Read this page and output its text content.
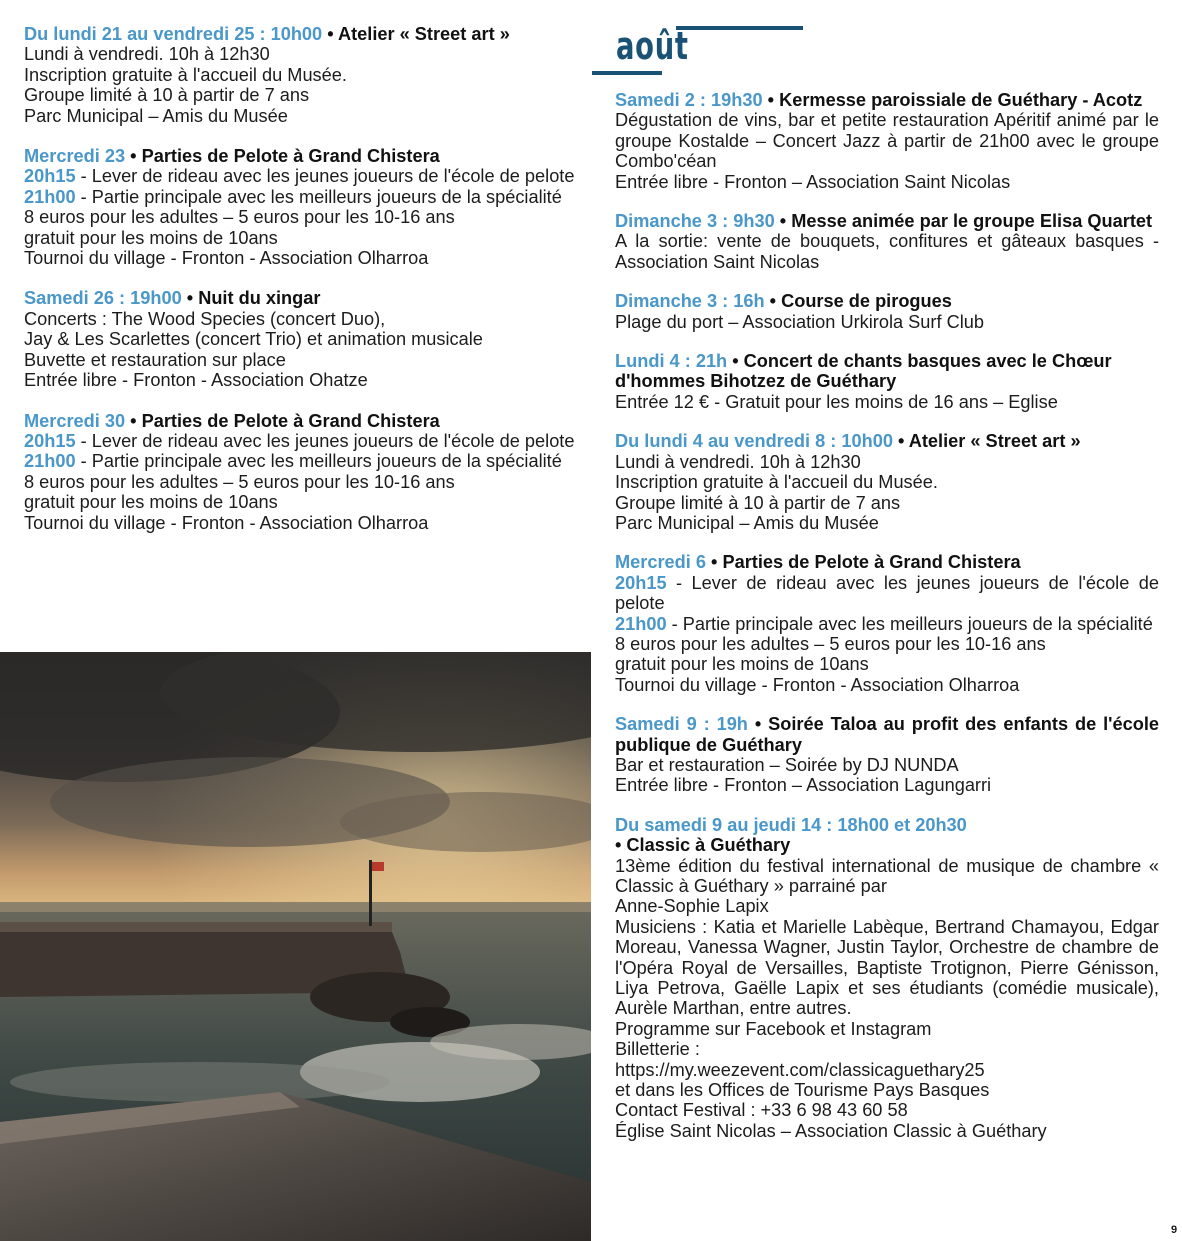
Du lundi 21 au vendredi 25 : 10h00 • Atelier « Street art »
Lundi à vendredi. 10h à 12h30
Inscription gratuite à l'accueil du Musée.
Groupe limité à 10 à partir de 7 ans
Parc Municipal – Amis du Musée
Mercredi 23 • Parties de Pelote à Grand Chistera
20h15 - Lever de rideau avec les jeunes joueurs de l'école de pelote
21h00 - Partie principale avec les meilleurs joueurs de la spécialité
8 euros pour les adultes – 5 euros pour les 10-16 ans
gratuit pour les moins de 10ans
Tournoi du village - Fronton - Association Olharroa
Samedi 26 : 19h00 • Nuit du xingar
Concerts : The Wood Species (concert Duo),
Jay & Les Scarlettes (concert Trio) et animation musicale
Buvette et restauration sur place
Entrée libre - Fronton - Association Ohatze
Mercredi 30 • Parties de Pelote à Grand Chistera
20h15 - Lever de rideau avec les jeunes joueurs de l'école de pelote
21h00 - Partie principale avec les meilleurs joueurs de la spécialité
8 euros pour les adultes – 5 euros pour les 10-16 ans
gratuit pour les moins de 10ans
Tournoi du village - Fronton - Association Olharroa
août
Samedi 2 : 19h30 • Kermesse paroissiale de Guéthary - Acotz
Dégustation de vins, bar et petite restauration Apéritif animé par le groupe Kostalde – Concert Jazz à partir de 21h00 avec le groupe Combo'céan
Entrée libre - Fronton – Association Saint Nicolas
Dimanche 3 : 9h30 • Messe animée par le groupe Elisa Quartet
A la sortie: vente de bouquets, confitures et gâteaux basques - Association Saint Nicolas
Dimanche 3 : 16h • Course de pirogues
Plage du port – Association Urkirola Surf Club
Lundi 4 : 21h • Concert de chants basques avec le Chœur d'hommes Bihotzez de Guéthary
Entrée 12 € - Gratuit pour les moins de 16 ans – Eglise
Du lundi 4 au vendredi 8 : 10h00 • Atelier « Street art »
Lundi à vendredi. 10h à 12h30
Inscription gratuite à l'accueil du Musée.
Groupe limité à 10 à partir de 7 ans
Parc Municipal – Amis du Musée
Mercredi 6 • Parties de Pelote à Grand Chistera
20h15 - Lever de rideau avec les jeunes joueurs de l'école de pelote
21h00 - Partie principale avec les meilleurs joueurs de la spécialité
8 euros pour les adultes – 5 euros pour les 10-16 ans
gratuit pour les moins de 10ans
Tournoi du village - Fronton - Association Olharroa
Samedi 9 : 19h • Soirée Taloa au profit des enfants de l'école publique de Guéthary
Bar et restauration – Soirée by DJ NUNDA
Entrée libre - Fronton – Association Lagungarri
Du samedi 9 au jeudi 14 : 18h00 et 20h30
• Classic à Guéthary
13ème édition du festival international de musique de chambre « Classic à Guéthary » parrainé par
Anne-Sophie Lapix
Musiciens : Katia et Marielle Labèque, Bertrand Chamayou, Edgar Moreau, Vanessa Wagner, Justin Taylor, Orchestre de chambre de l'Opéra Royal de Versailles, Baptiste Trotignon, Pierre Génisson, Liya Petrova, Gaëlle Lapix et ses étudiants (comédie musicale), Aurèle Marthan, entre autres.
Programme sur Facebook et Instagram
Billetterie :
https://my.weezevent.com/classicaguethary25
et dans les Offices de Tourisme Pays Basques
Contact Festival : +33 6 98 43 60 58
Église Saint Nicolas – Association Classic à Guéthary
9
